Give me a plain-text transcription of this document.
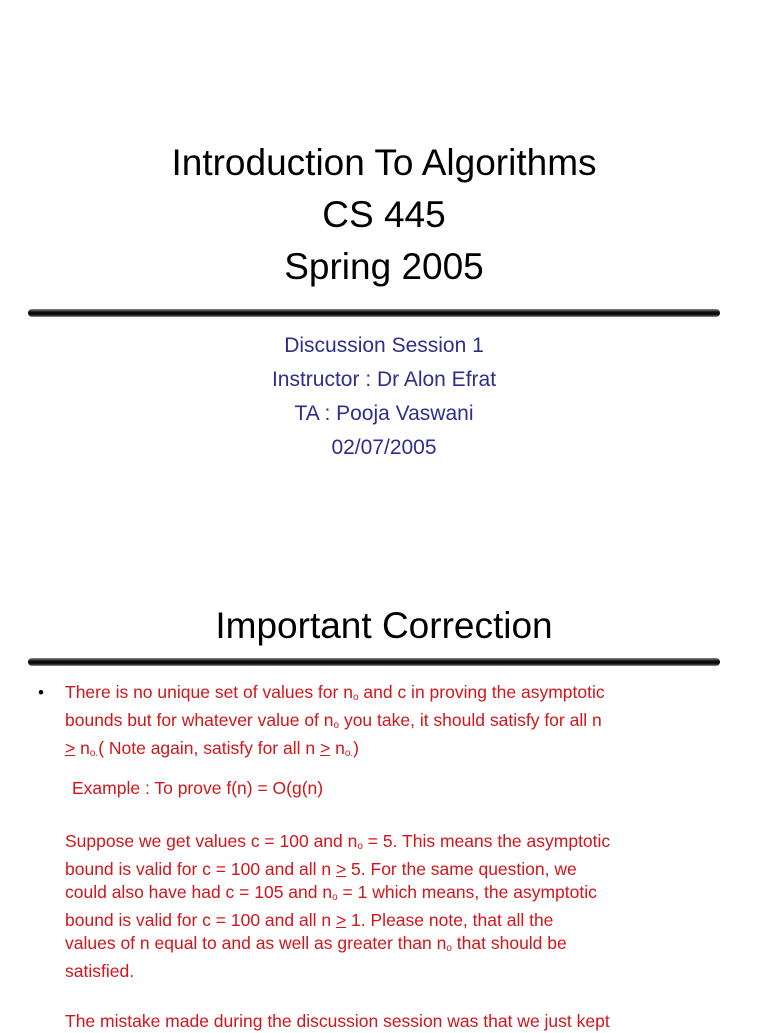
Introduction To Algorithms
CS 445
Spring 2005
Discussion Session 1
Instructor : Dr Alon Efrat
TA : Pooja Vaswani
02/07/2005
Important Correction
• There is no unique set of values for $n_o$ and c in proving the asymptotic
bounds but for whatever value of $n_o$ you take, it should satisfy for all n
> $n_{o.}$( Note again, satisfy for all $n > n_{o.}$)
Example : To prove f(n) = O(g(n)
Suppose we get values c = 100 and $n_o = 5$. This means the asymptotic
bound is valid for c = 100 and all n ≥ 5. For the same question, we
could also have had c = 105 and $n_o = 1$ which means, the asymptotic
bound is valid for c = 100 and all n ≥ 1. Please note, that all the
values of n equal to and as well as greater than $n_o$ that should be
satisfied.
The mistake made during the discussion session was that we just kept
